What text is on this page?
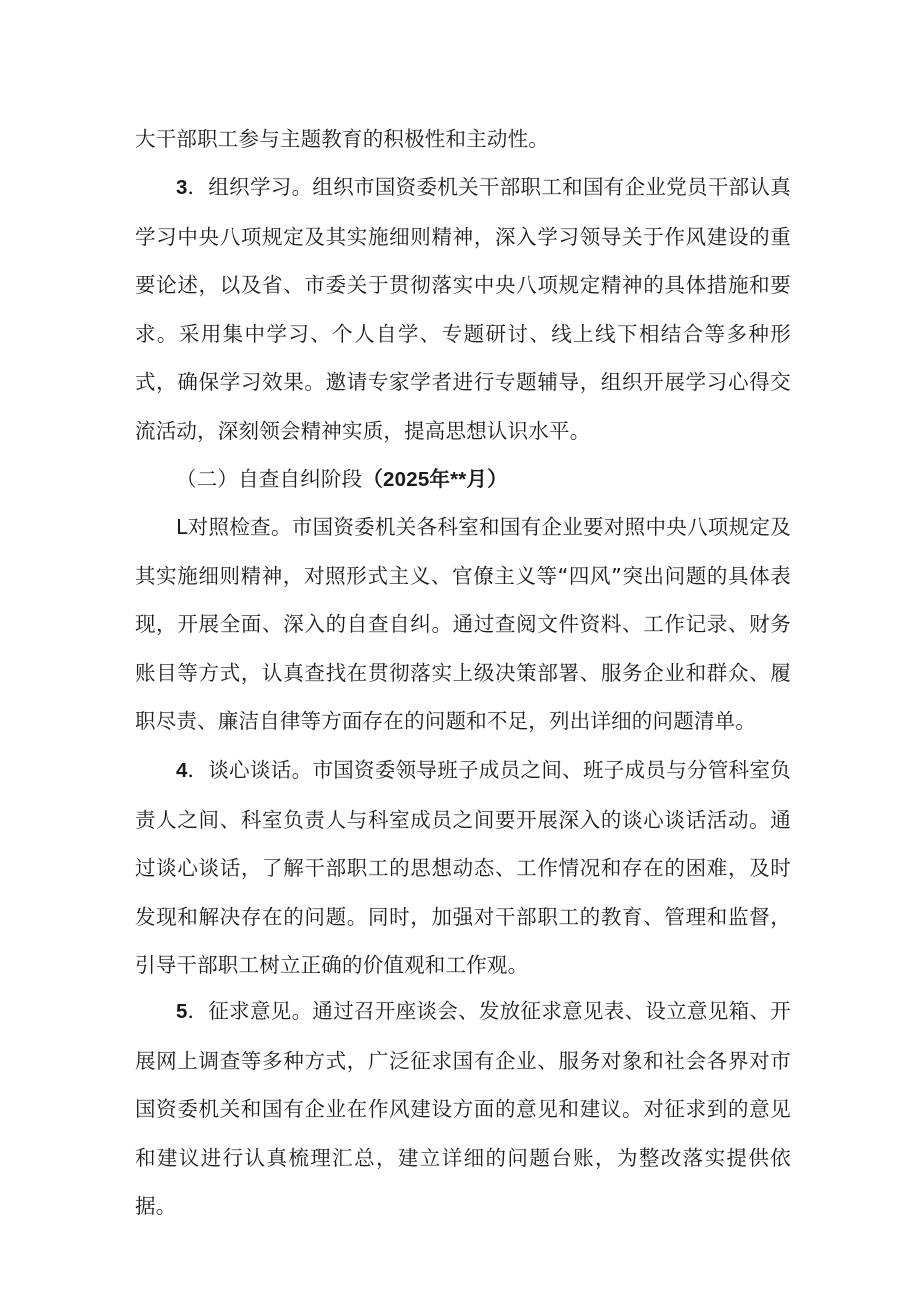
大干部职工参与主题教育的积极性和主动性。

3．组织学习。组织市国资委机关干部职工和国有企业党员干部认真学习中央八项规定及其实施细则精神，深入学习领导关于作风建设的重要论述，以及省、市委关于贯彻落实中央八项规定精神的具体措施和要求。采用集中学习、个人自学、专题研讨、线上线下相结合等多种形式，确保学习效果。邀请专家学者进行专题辅导，组织开展学习心得交流活动，深刻领会精神实质，提高思想认识水平。

（二）自查自纠阶段（2025年**月）

L对照检查。市国资委机关各科室和国有企业要对照中央八项规定及其实施细则精神，对照形式主义、官僚主义等“四风”突出问题的具体表现，开展全面、深入的自查自纠。通过查阅文件资料、工作记录、财务账目等方式，认真查找在贯彻落实上级决策部署、服务企业和群众、履职尽责、廉洁自律等方面存在的问题和不足，列出详细的问题清单。

4．谈心谈话。市国资委领导班子成员之间、班子成员与分管科室负责人之间、科室负责人与科室成员之间要开展深入的谈心谈话活动。通过谈心谈话，了解干部职工的思想动态、工作情况和存在的困难，及时发现和解决存在的问题。同时，加强对干部职工的教育、管理和监督，引导干部职工树立正确的价值观和工作观。

5．征求意见。通过召开座谈会、发放征求意见表、设立意见箱、开展网上调查等多种方式，广泛征求国有企业、服务对象和社会各界对市国资委机关和国有企业在作风建设方面的意见和建议。对征求到的意见和建议进行认真梳理汇总，建立详细的问题台账，为整改落实提供依据。
